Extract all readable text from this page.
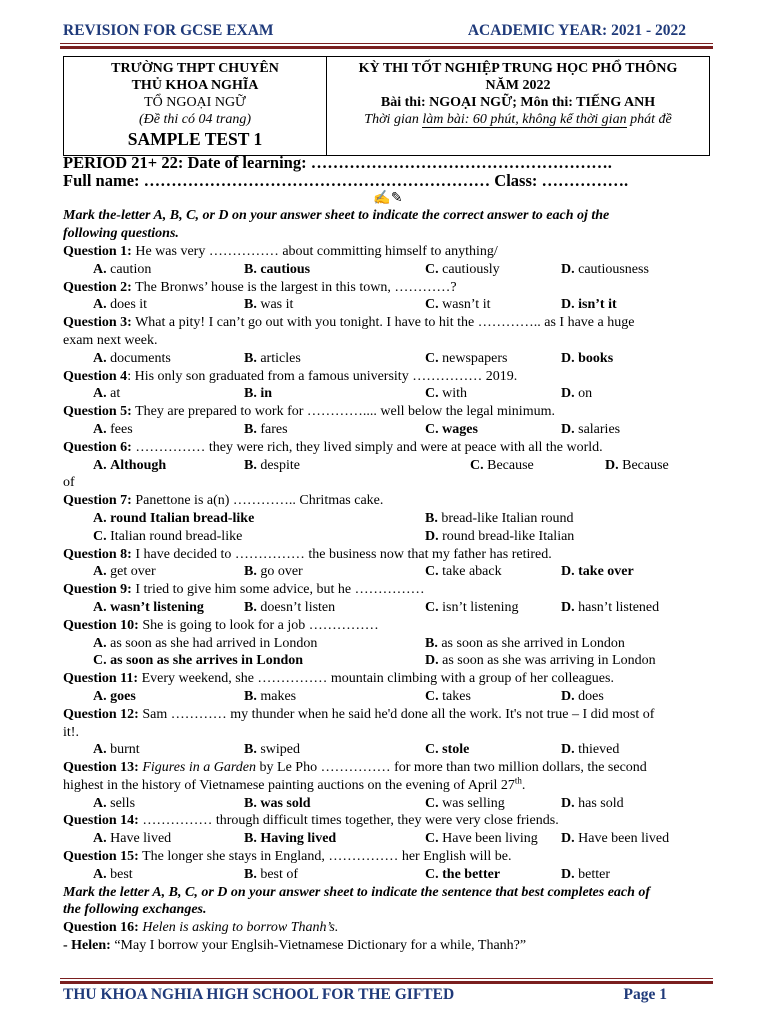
REVISION FOR GCSE EXAM	ACADEMIC YEAR: 2021 - 2022
TRƯỜNG THPT CHUYÊN
THỦ KHOA NGHĨA
TỔ NGOẠI NGỮ
(Đề thi có 04 trang)
SAMPLE TEST 1
KỲ THI TỐT NGHIỆP TRUNG HỌC PHỔ THÔNG
NĂM 2022
Bài thi: NGOẠI NGỮ; Môn thi: TIẾNG ANH
Thời gian làm bài: 60 phút, không kể thời gian phát đề
PERIOD 21+ 22: Date of learning: ……………………………………………….
Full name: ……………………………………………………… Class: …………….
✍️✎
Mark the-letter A, B, C, or D on your answer sheet to indicate the correct answer to each oj the
following questions.
Question 1: He was very …………… about committing himself to anything/
A. caution	B. cautious	C. cautiously	D. cautiousness
Question 2: The Bronws’ house is the largest in this town, …………?
A. does it	B. was it	C. wasn’t it	D. isn’t it
Question 3: What a pity! I can’t go out with you tonight. I have to hit the ………….. as I have a huge
exam next week.
A. documents	B. articles	C. newspapers	D. books
Question 4: His only son graduated from a famous university …………… 2019.
A. at	B. in	C. with	D. on
Question 5: They are prepared to work for ………….... well below the legal minimum.
A. fees	B. fares	C. wages	D. salaries
Question 6: …………… they were rich, they lived simply and were at peace with all the world.
A. Although	B. despite	C. Because	D. Because
of
Question 7: Panettone is a(n) ………….. Chritmas cake.
A. round Italian bread-like	B. bread-like Italian round
C. Italian round bread-like	D. round bread-like Italian
Question 8: I have decided to …………… the business now that my father has retired.
A. get over	B. go over	C. take aback	D. take over
Question 9: I tried to give him some advice, but he ……………
A. wasn’t listening	B. doesn’t listen	C. isn’t listening	D. hasn’t listened
Question 10: She is going to look for a job ……………
A. as soon as she had arrived in London	B. as soon as she arrived in London
C. as soon as she arrives in London	D. as soon as she was arriving in London
Question 11: Every weekend, she …………… mountain climbing with a group of her colleagues.
A. goes	B. makes	C. takes	D. does
Question 12: Sam ………… my thunder when he said he'd done all the work. It's not true – I did most of
it!.
A. burnt	B. swiped	C. stole	D. thieved
Question 13: Figures in a Garden by Le Pho …………… for more than two million dollars, the second
highest in the history of Vietnamese painting auctions on the evening of April 27th.
A. sells	B. was sold	C. was selling	D. has sold
Question 14: …………… through difficult times together, they were very close friends.
A. Have lived	B. Having lived	C. Have been living D. Have been lived
Question 15: The longer she stays in England, …………… her English will be.
A. best	B. best of	C. the better	D. better
Mark the letter A, B, C, or D on your answer sheet to indicate the sentence that best completes each of
the following exchanges.
Question 16: Helen is asking to borrow Thanh’s.
- Helen: “May I borrow your Englsih-Vietnamese Dictionary for a while, Thanh?”
THU KHOA NGHIA HIGH SCHOOL FOR THE GIFTED	Page 1
